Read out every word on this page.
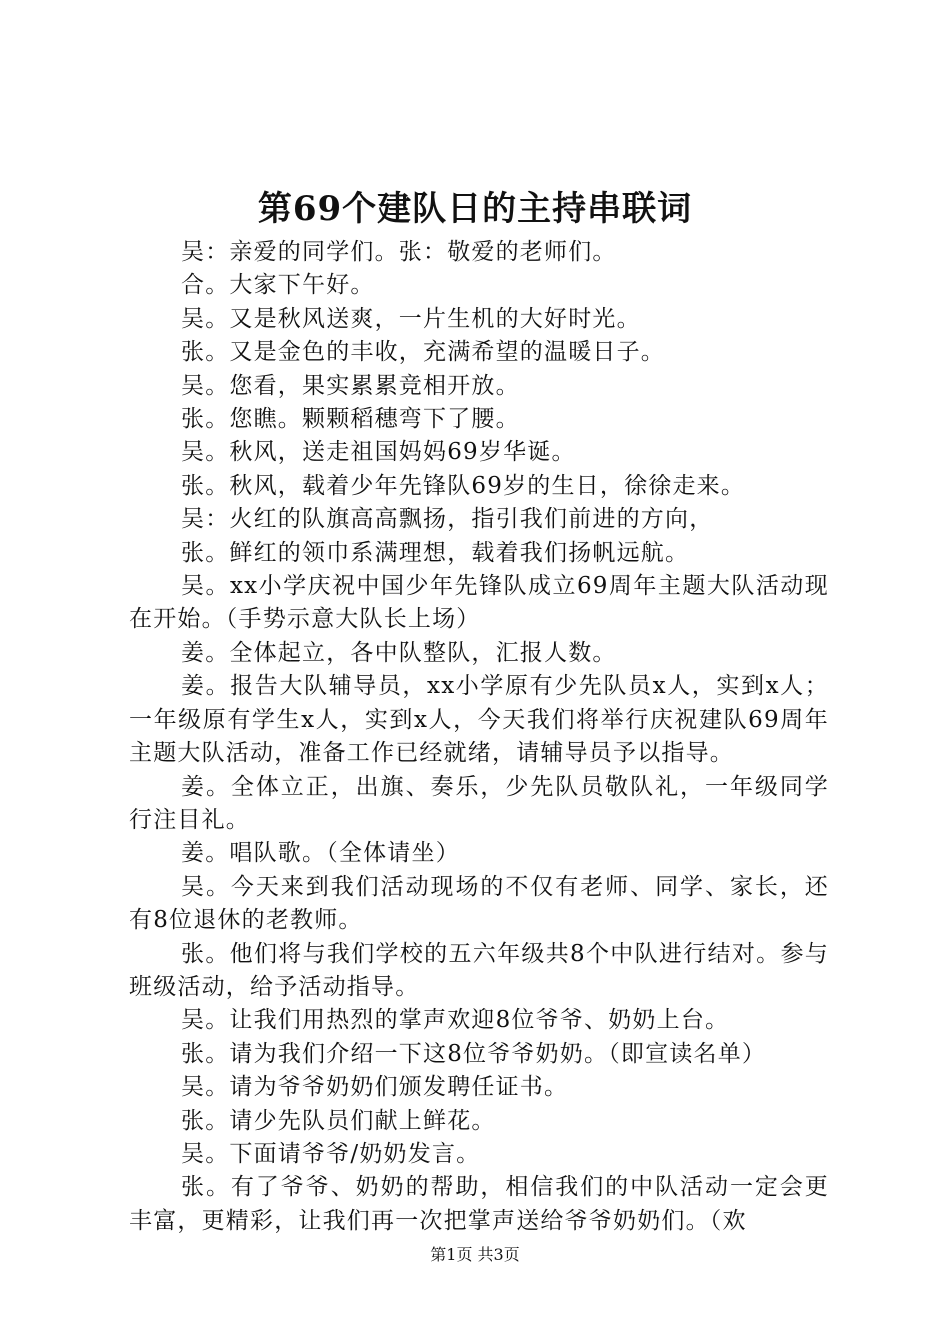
第69个建队日的主持串联词

吴：亲爱的同学们。张：敬爱的老师们。

合。大家下午好。

吴。又是秋风送爽，一片生机的大好时光。

张。又是金色的丰收，充满希望的温暖日子。

吴。您看，果实累累竞相开放。

张。您瞧。颗颗稻穗弯下了腰。

吴。秋风，送走祖国妈妈69岁华诞。

张。秋风，载着少年先锋队69岁的生日，徐徐走来。

吴：火红的队旗高高飘扬，指引我们前进的方向，

张。鲜红的领巾系满理想，载着我们扬帆远航。

吴。xx小学庆祝中国少年先锋队成立69周年主题大队活动现在开始。（手势示意大队长上场）

姜。全体起立，各中队整队，汇报人数。

姜。报告大队辅导员，xx小学原有少先队员x人，实到x人；一年级原有学生x人，实到x人，今天我们将举行庆祝建队69周年主题大队活动，准备工作已经就绪，请辅导员予以指导。

姜。全体立正，出旗、奏乐，少先队员敬队礼，一年级同学行注目礼。

姜。唱队歌。（全体请坐）

吴。今天来到我们活动现场的不仅有老师、同学、家长，还有8位退休的老教师。

张。他们将与我们学校的五六年级共8个中队进行结对。参与班级活动，给予活动指导。

吴。让我们用热烈的掌声欢迎8位爷爷、奶奶上台。

张。请为我们介绍一下这8位爷爷奶奶。（即宣读名单）

吴。请为爷爷奶奶们颁发聘任证书。

张。请少先队员们献上鲜花。

吴。下面请爷爷/奶奶发言。

张。有了爷爷、奶奶的帮助，相信我们的中队活动一定会更丰富，更精彩，让我们再一次把掌声送给爷爷奶奶们。（欢

第1页 共3页
